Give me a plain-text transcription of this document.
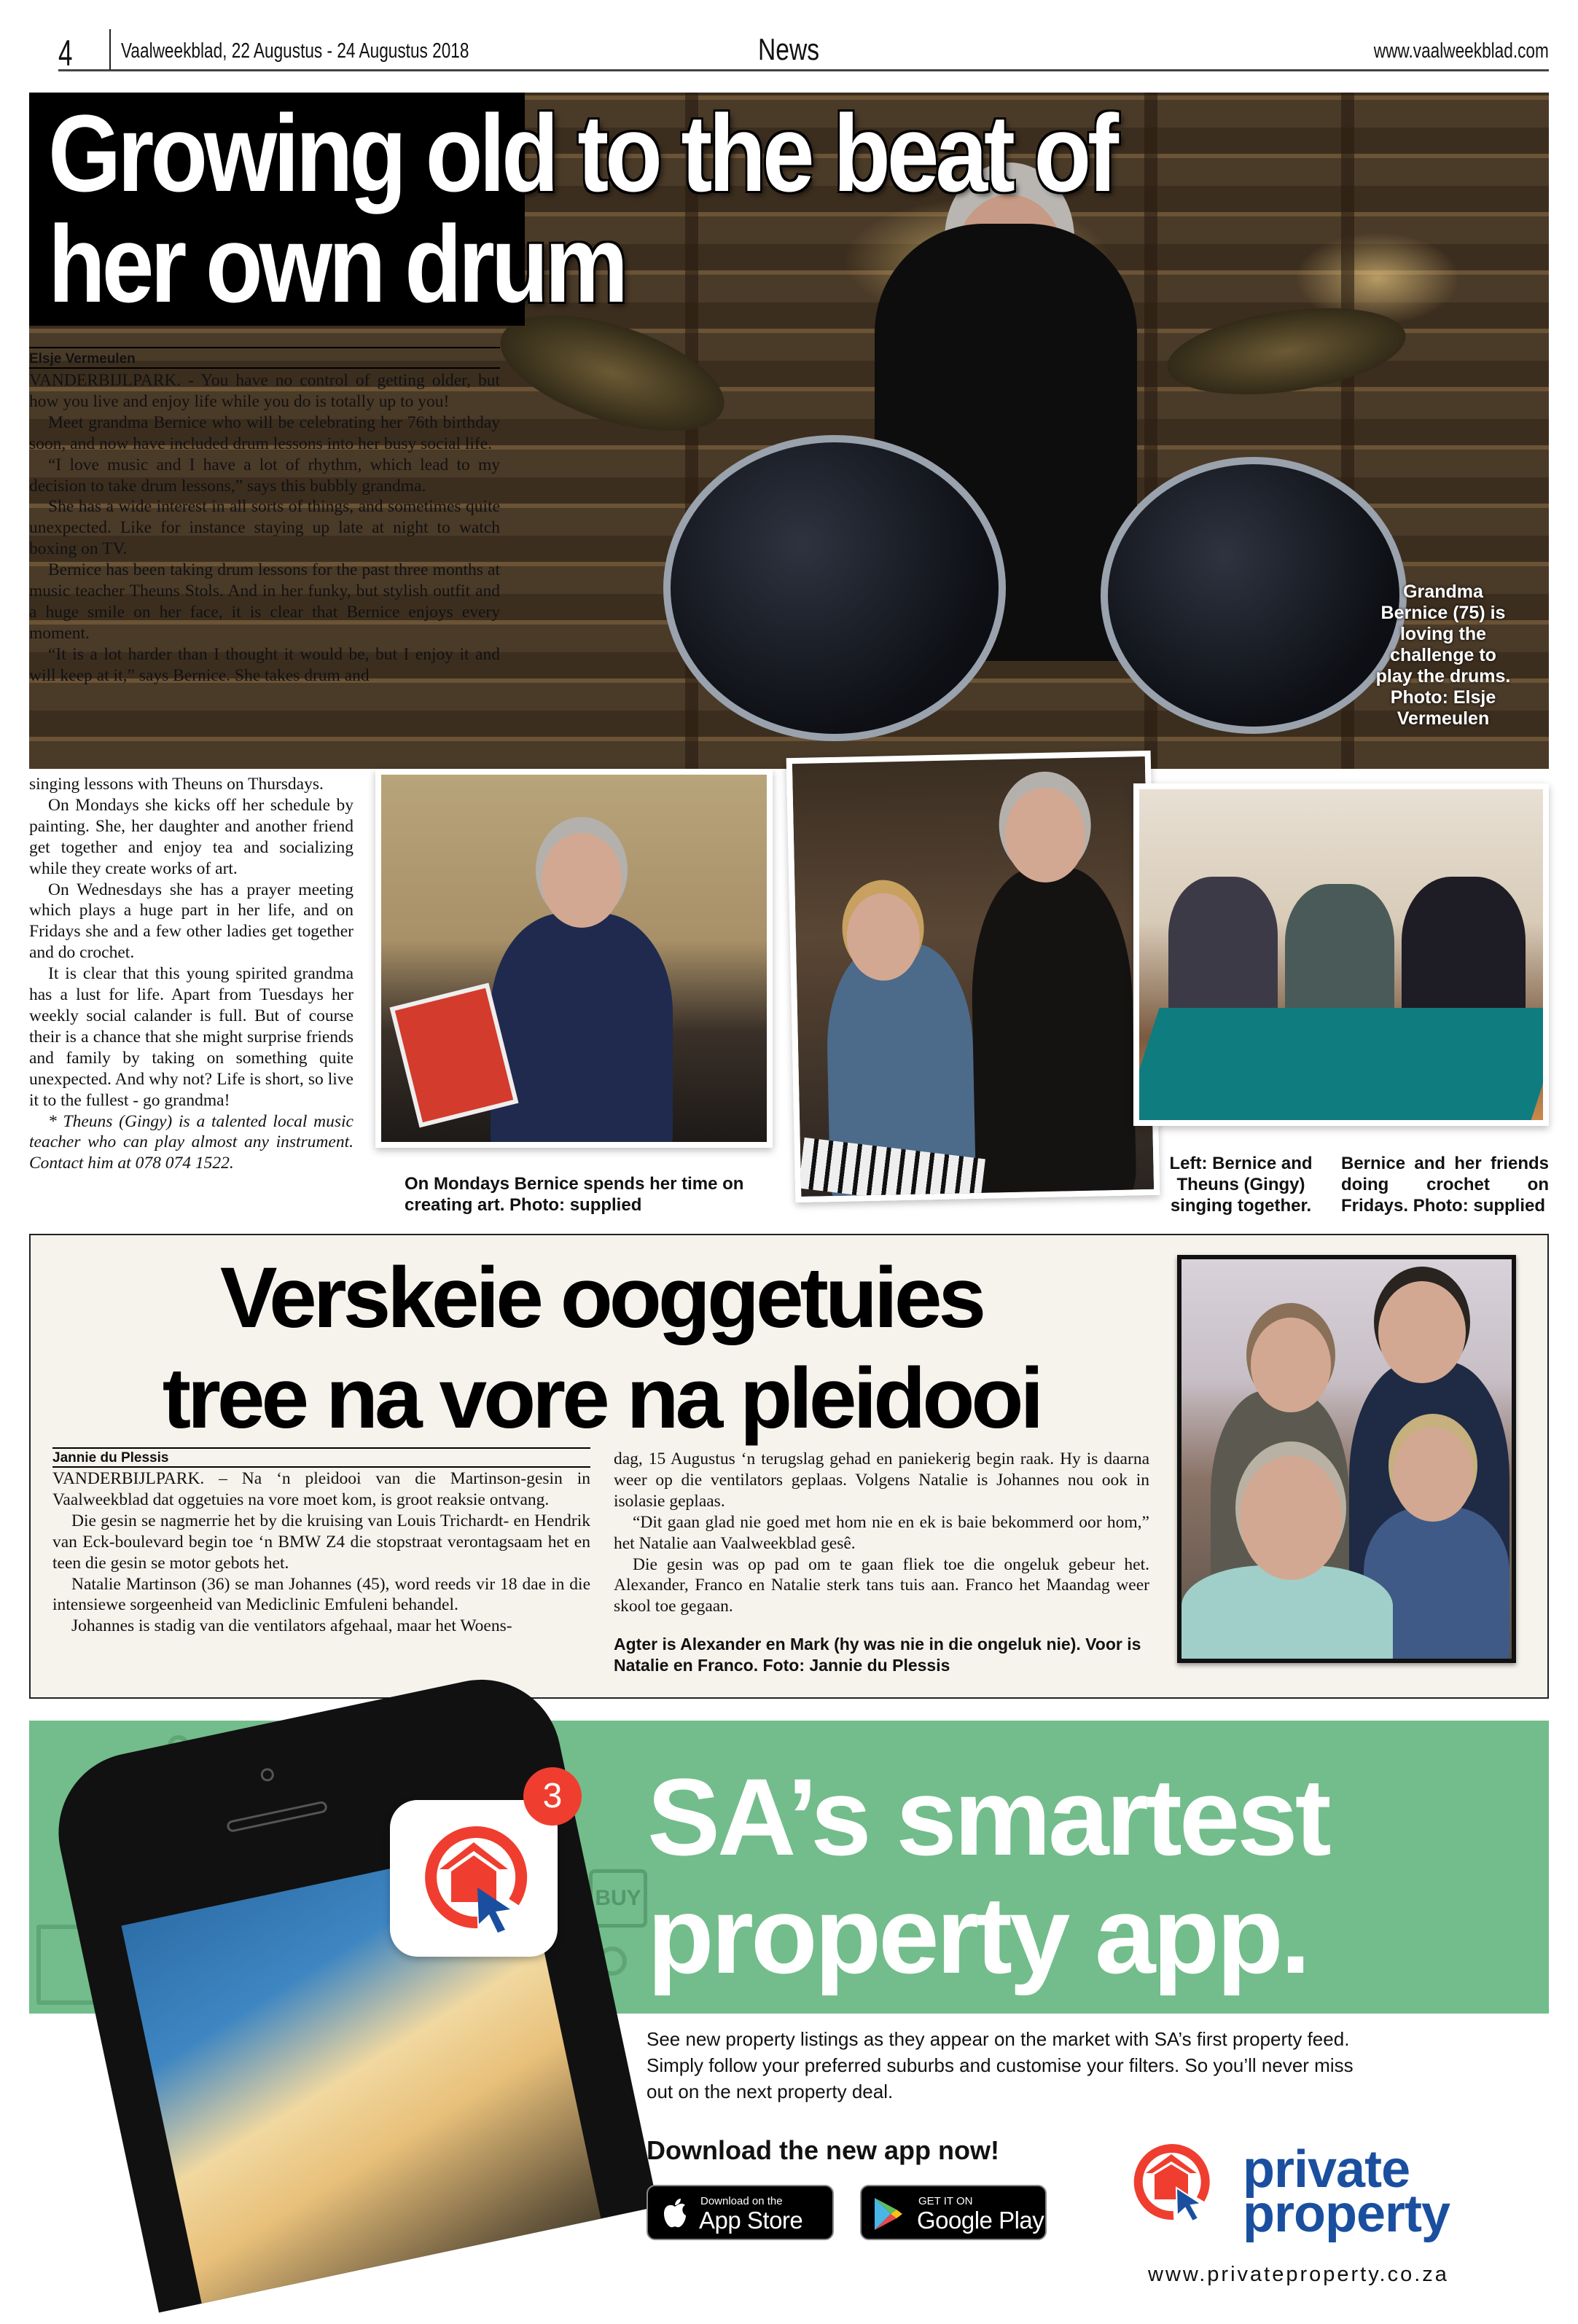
4 Vaalweekblad, 22 Augustus - 24 Augustus 2018	News	www.vaalweekblad.com
Grandma Bernice (75) is loving the challenge to play the drums. Photo: Elsje Vermeulen
Growing old to the beat of
her own drum
Elsje Vermeulen

VANDERBIJLPARK. - You have no control of getting older, but how you live and enjoy life while you do is totally up to you!

Meet grandma Bernice who will be celebrating her 76th birthday soon, and now have included drum lessons into her busy social life.

“I love music and I have a lot of rhythm, which lead to my decision to take drum lessons,” says this bubbly grandma.

She has a wide interest in all sorts of things, and sometimes quite unexpected. Like for instance staying up late at night to watch boxing on TV.

Bernice has been taking drum lessons for the past three months at music teacher Theuns Stols. And in her funky, but stylish outfit and a huge smile on her face, it is clear that Bernice enjoys every moment.

“It is a lot harder than I thought it would be, but I enjoy it and will keep at it,” says Bernice. She takes drum and

singing lessons with Theuns on Thursdays.

On Mondays she kicks off her schedule by painting. She, her daughter and another friend get together and enjoy tea and socializing while they create works of art.

On Wednesdays she has a prayer meeting which plays a huge part in her life, and on Fridays she and a few other ladies get together and do crochet.

It is clear that this young spirited grandma has a lust for life. Apart from Tuesdays her weekly social calander is full. But of course their is a chance that she might surprise friends and family by taking on something quite unexpected. And why not? Life is short, so live it to the fullest - go grandma!

* Theuns (Gingy) is a talented local music teacher who can play almost any instrument. Contact him at 078 074 1522.

On Mondays Bernice spends her time on creating art. Photo: supplied
Left: Bernice and Theuns (Gingy) singing together.
Bernice and her friends doing crochet on Fridays. Photo: supplied
Verskeie ooggetuies
tree na vore na pleidooi
Jannie du Plessis

VANDERBIJLPARK. – Na ‘n pleidooi van die Martinson-gesin in Vaalweekblad dat oggetuies na vore moet kom, is groot reaksie ontvang.

Die gesin se nagmerrie het by die kruising van Louis Trichardt- en Hendrik van Eck-boulevard begin toe ‘n BMW Z4 die stopstraat verontagsaam het en teen die gesin se motor gebots het.

Natalie Martinson (36) se man Johannes (45), word reeds vir 18 dae in die intensiewe sorgeenheid van Mediclinic Emfuleni behandel.

Johannes is stadig van die ventilators afgehaal, maar het Woens-

dag, 15 Augustus ‘n terugslag gehad en paniekerig begin raak. Hy is daarna weer op die ventilators geplaas. Volgens Natalie is Johannes nou ook in isolasie geplaas.

“Dit gaan glad nie goed met hom nie en ek is baie bekommerd oor hom,” het Natalie aan Vaalweekblad gesê.

Die gesin was op pad om te gaan fliek toe die ongeluk gebeur het. Alexander, Franco en Natalie sterk tans tuis aan. Franco het Maandag weer skool toe gegaan.

Agter is Alexander en Mark (hy was nie in die ongeluk nie). Voor is Natalie en Franco. Foto: Jannie du Plessis
BUY
3 SA’s smartest
property app.

See new property listings as they appear on the market with SA’s first property feed. Simply follow your preferred suburbs and customise your filters. So you’ll never miss out on the next property deal.

Download the new app now!
Download on the
App Store
GET IT ON
Google Play
private
property
www.privateproperty.co.za
